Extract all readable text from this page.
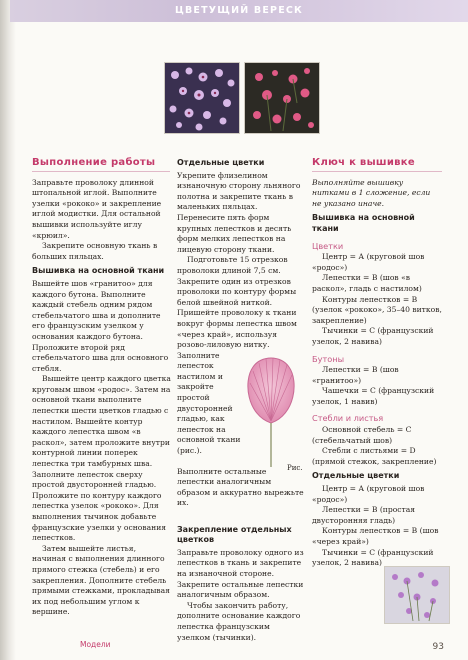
ЦВЕТУЩИЙ ВЕРЕСК
Выполнение работы

Заправьте проволоку длинной штопальной иглой. Выполните узелки «рококо» и закрепление иглой модистки. Для остальной вышивки используйте иглу «крюил».

Закрепите основную ткань в больших пяльцах.

Вышивка на основной ткани

Вышейте шов «гранитоо» для каждого бутона. Выполните каждый стебель одним рядом стебельчатого шва и дополните его французским узелком у основания каждого бутона. Проложите второй ряд стебельчатого шва для основного стебля.

Вышейте центр каждого цветка круговым швом «родос». Затем на основной ткани выполните лепестки шести цветков гладью с настилом. Вышейте контур каждого лепестка швом «в раскол», затем проложите внутри контурной линии поперек лепестка три тамбурных шва. Заполните лепесток сверху простой двусторонней гладью. Проложите по контуру каждого лепестка узелок «рококо». Для выполнения тычинок добавьте французские узелки у основания лепестков.

Затем вышейте листья, начиная с выполнения длинного прямого стежка (стебель) и его закрепления. Дополните стебель прямыми стежками, прокладывая их под небольшим углом к вершине.

Отдельные цветки

Укрепите флизелином изнаночную сторону льняного полотна и закрепите ткань в маленьких пяльцах. Перенесите пять форм крупных лепестков и десять форм мелких лепестков на лицевую сторону ткани.

Подготовьте 15 отрезков проволоки длиной 7,5 см. Закрепите один из отрезков проволоки по контуру формы белой швейной ниткой. Пришейте проволоку к ткани вокруг формы лепестка швом «через край», используя розово-лиловую нитку.

Заполните лепесток настилом и закройте простой двусторонней гладью, как лепесток на основной ткани (рис.).

Рис.

Выполните остальные лепестки аналогичным образом и аккуратно вырежьте их.

Закрепление отдельных цветков

Заправьте проволоку одного из лепестков в ткань и закрепите на изнаночной стороне. Закрепите остальные лепестки аналогичным образом.

Чтобы закончить работу, дополните основание каждого лепестка французским узелком (тычинки).

Ключ к вышивке

Выполняйте вышивку нитками в 1 сложение, если не указано иначе.

Вышивка на основной ткани
Цветки

Центр = А (круговой шов «родос»)

Лепестки = В (шов «в раскол», гладь с настилом)

Контуры лепестков = В (узелок «рококо», 35–40 витков, закрепление)

Тычинки = С (французский узелок, 2 навива)

Бутоны

Лепестки = В (шов «гранитоо»)

Чашечки = С (французский узелок, 1 навив)

Стебли и листья

Основной стебель = С (стебельчатый шов)

Стебли с листьями = D (прямой стежок, закрепление)

Отдельные цветки

Центр = А (круговой шов «родос»)

Лепестки = В (простая двусторонняя гладь)

Контуры лепестков = В (шов «через край»)

Тычинки = С (французский узелок, 2 навива)

Модели	93
